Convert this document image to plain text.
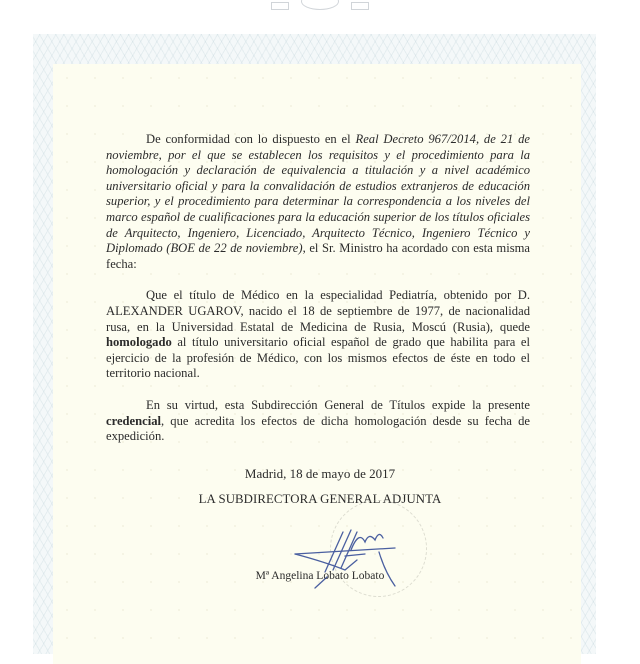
De conformidad con lo dispuesto en el Real Decreto 967/2014, de 21 de noviembre, por el que se establecen los requisitos y el procedimiento para la homologación y declaración de equivalencia a titulación y a nivel académico universitario oficial y para la convalidación de estudios extranjeros de educación superior, y el procedimiento para determinar la correspondencia a los niveles del marco español de cualificaciones para la educación superior de los títulos oficiales de Arquitecto, Ingeniero, Licenciado, Arquitecto Técnico, Ingeniero Técnico y Diplomado (BOE de 22 de noviembre), el Sr. Ministro ha acordado con esta misma fecha:

Que el título de Médico en la especialidad Pediatría, obtenido por D. ALEXANDER UGAROV, nacido el 18 de septiembre de 1977, de nacionalidad rusa, en la Universidad Estatal de Medicina de Rusia, Moscú (Rusia), quede homologado al título universitario oficial español de grado que habilita para el ejercicio de la profesión de Médico, con los mismos efectos de éste en todo el territorio nacional.

En su virtud, esta Subdirección General de Títulos expide la presente credencial, que acredita los efectos de dicha homologación desde su fecha de expedición.

Madrid, 18 de mayo de 2017
LA SUBDIRECTORA GENERAL ADJUNTA
Mª Angelina Lobato Lobato
